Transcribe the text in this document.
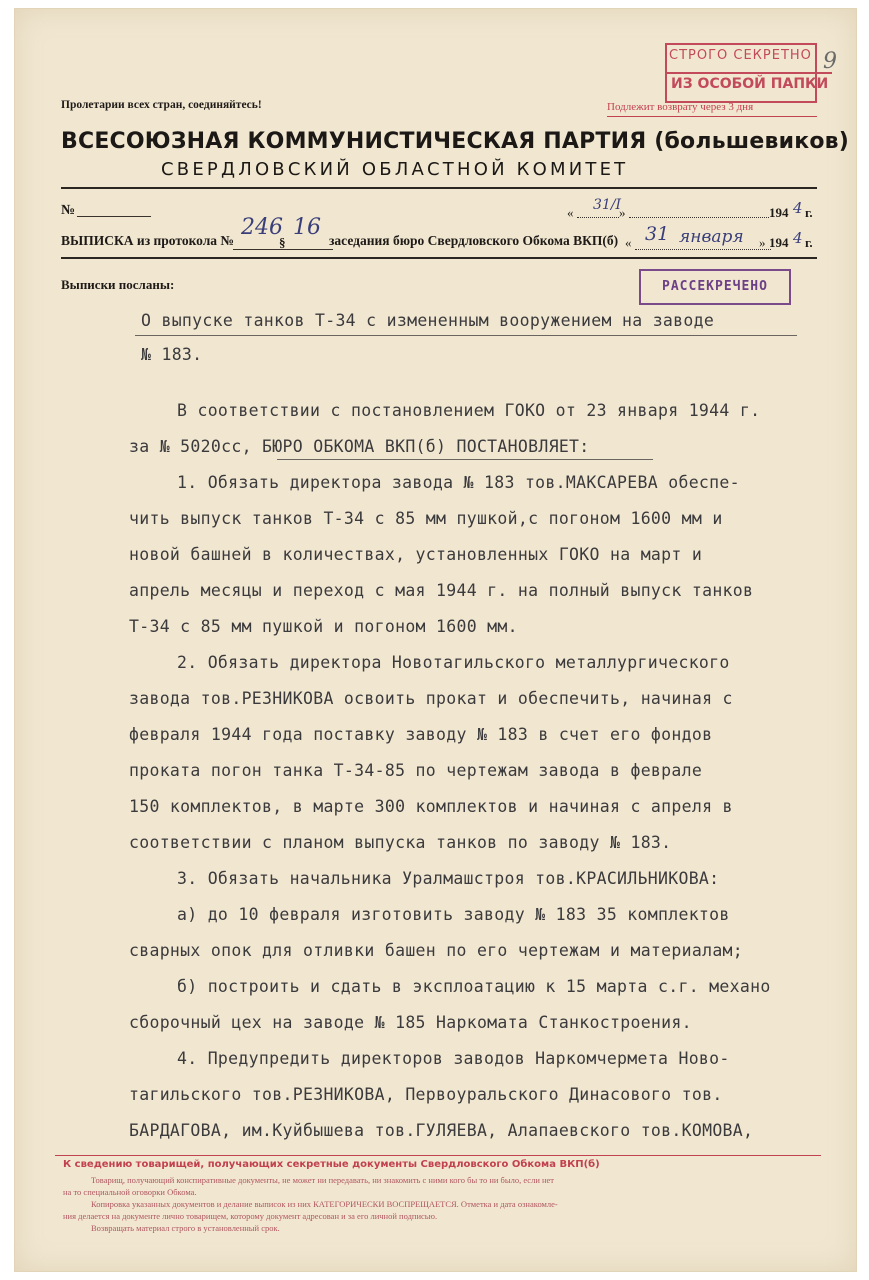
СТРОГО СЕКРЕТНО
ИЗ ОСОБОЙ ПАПКИ
9
Подлежит возврату через 3 дня
Пролетарии всех стран, соединяйтесь!
ВСЕСОЮЗНАЯ КОММУНИСТИЧЕСКАЯ ПАРТИЯ (большевиков)
СВЕРДЛОВСКИЙ ОБЛАСТНОЙ КОМИТЕТ
№	« 31/I
»	194 4 г.
ВЫПИСКА из протокола №
246
§
16
заседания бюро Свердловского Обкома ВКП(б) « 31 января » 194 4 г.
Выписки посланы:	РАССЕКРЕЧЕНО
О выпуске танков Т-34 с измененным вооружением на заводе
№ 183.
В соответствии с постановлением ГОКО от 23 января 1944 г.
за № 5020сс, БЮРО ОБКОМА ВКП(б) ПОСТАНОВЛЯЕТ:
1. Обязать директора завода № 183 тов.МАКСАРЕВА обеспе-
чить выпуск танков Т-34 с 85 мм пушкой,с погоном 1600 мм и
новой башней в количествах, установленных ГОКО на март и
апрель месяцы и переход с мая 1944 г. на полный выпуск танков
Т-34 с 85 мм пушкой и погоном 1600 мм.
2. Обязать директора Новотагильского металлургического
завода тов.РЕЗНИКОВА освоить прокат и обеспечить, начиная с
февраля 1944 года поставку заводу № 183 в счет его фондов
проката погон танка Т-34-85 по чертежам завода в феврале
150 комплектов, в марте 300 комплектов и начиная с апреля в
соответствии с планом выпуска танков по заводу № 183.
3. Обязать начальника Уралмашстроя тов.КРАСИЛЬНИКОВА:
а) до 10 февраля изготовить заводу № 183 35 комплектов
сварных опок для отливки башен по его чертежам и материалам;
б) построить и сдать в эксплоатацию к 15 марта с.г. механо
сборочный цех на заводе № 185 Наркомата Станкостроения.
4. Предупредить директоров заводов Наркомчермета Ново-
тагильского тов.РЕЗНИКОВА, Первоуральского Динасового тов.
БАРДАГОВА, им.Куйбышева тов.ГУЛЯЕВА, Алапаевского тов.КОМОВА,
К сведению товарищей, получающих секретные документы Свердловского Обкома ВКП(б)
Товарищ, получающий конспиративные документы, не может ни передавать, ни знакомить с ними кого бы то ни было, если нет
на то специальной оговорки Обкома.
Копировка указанных документов и делание выписок из них КАТЕГОРИЧЕСКИ ВОСПРЕЩАЕТСЯ. Отметка и дата ознакомле-
ния делается на документе лично товарищем, которому документ адресован и за его личной подписью.
Возвращать материал строго в установленный срок.
